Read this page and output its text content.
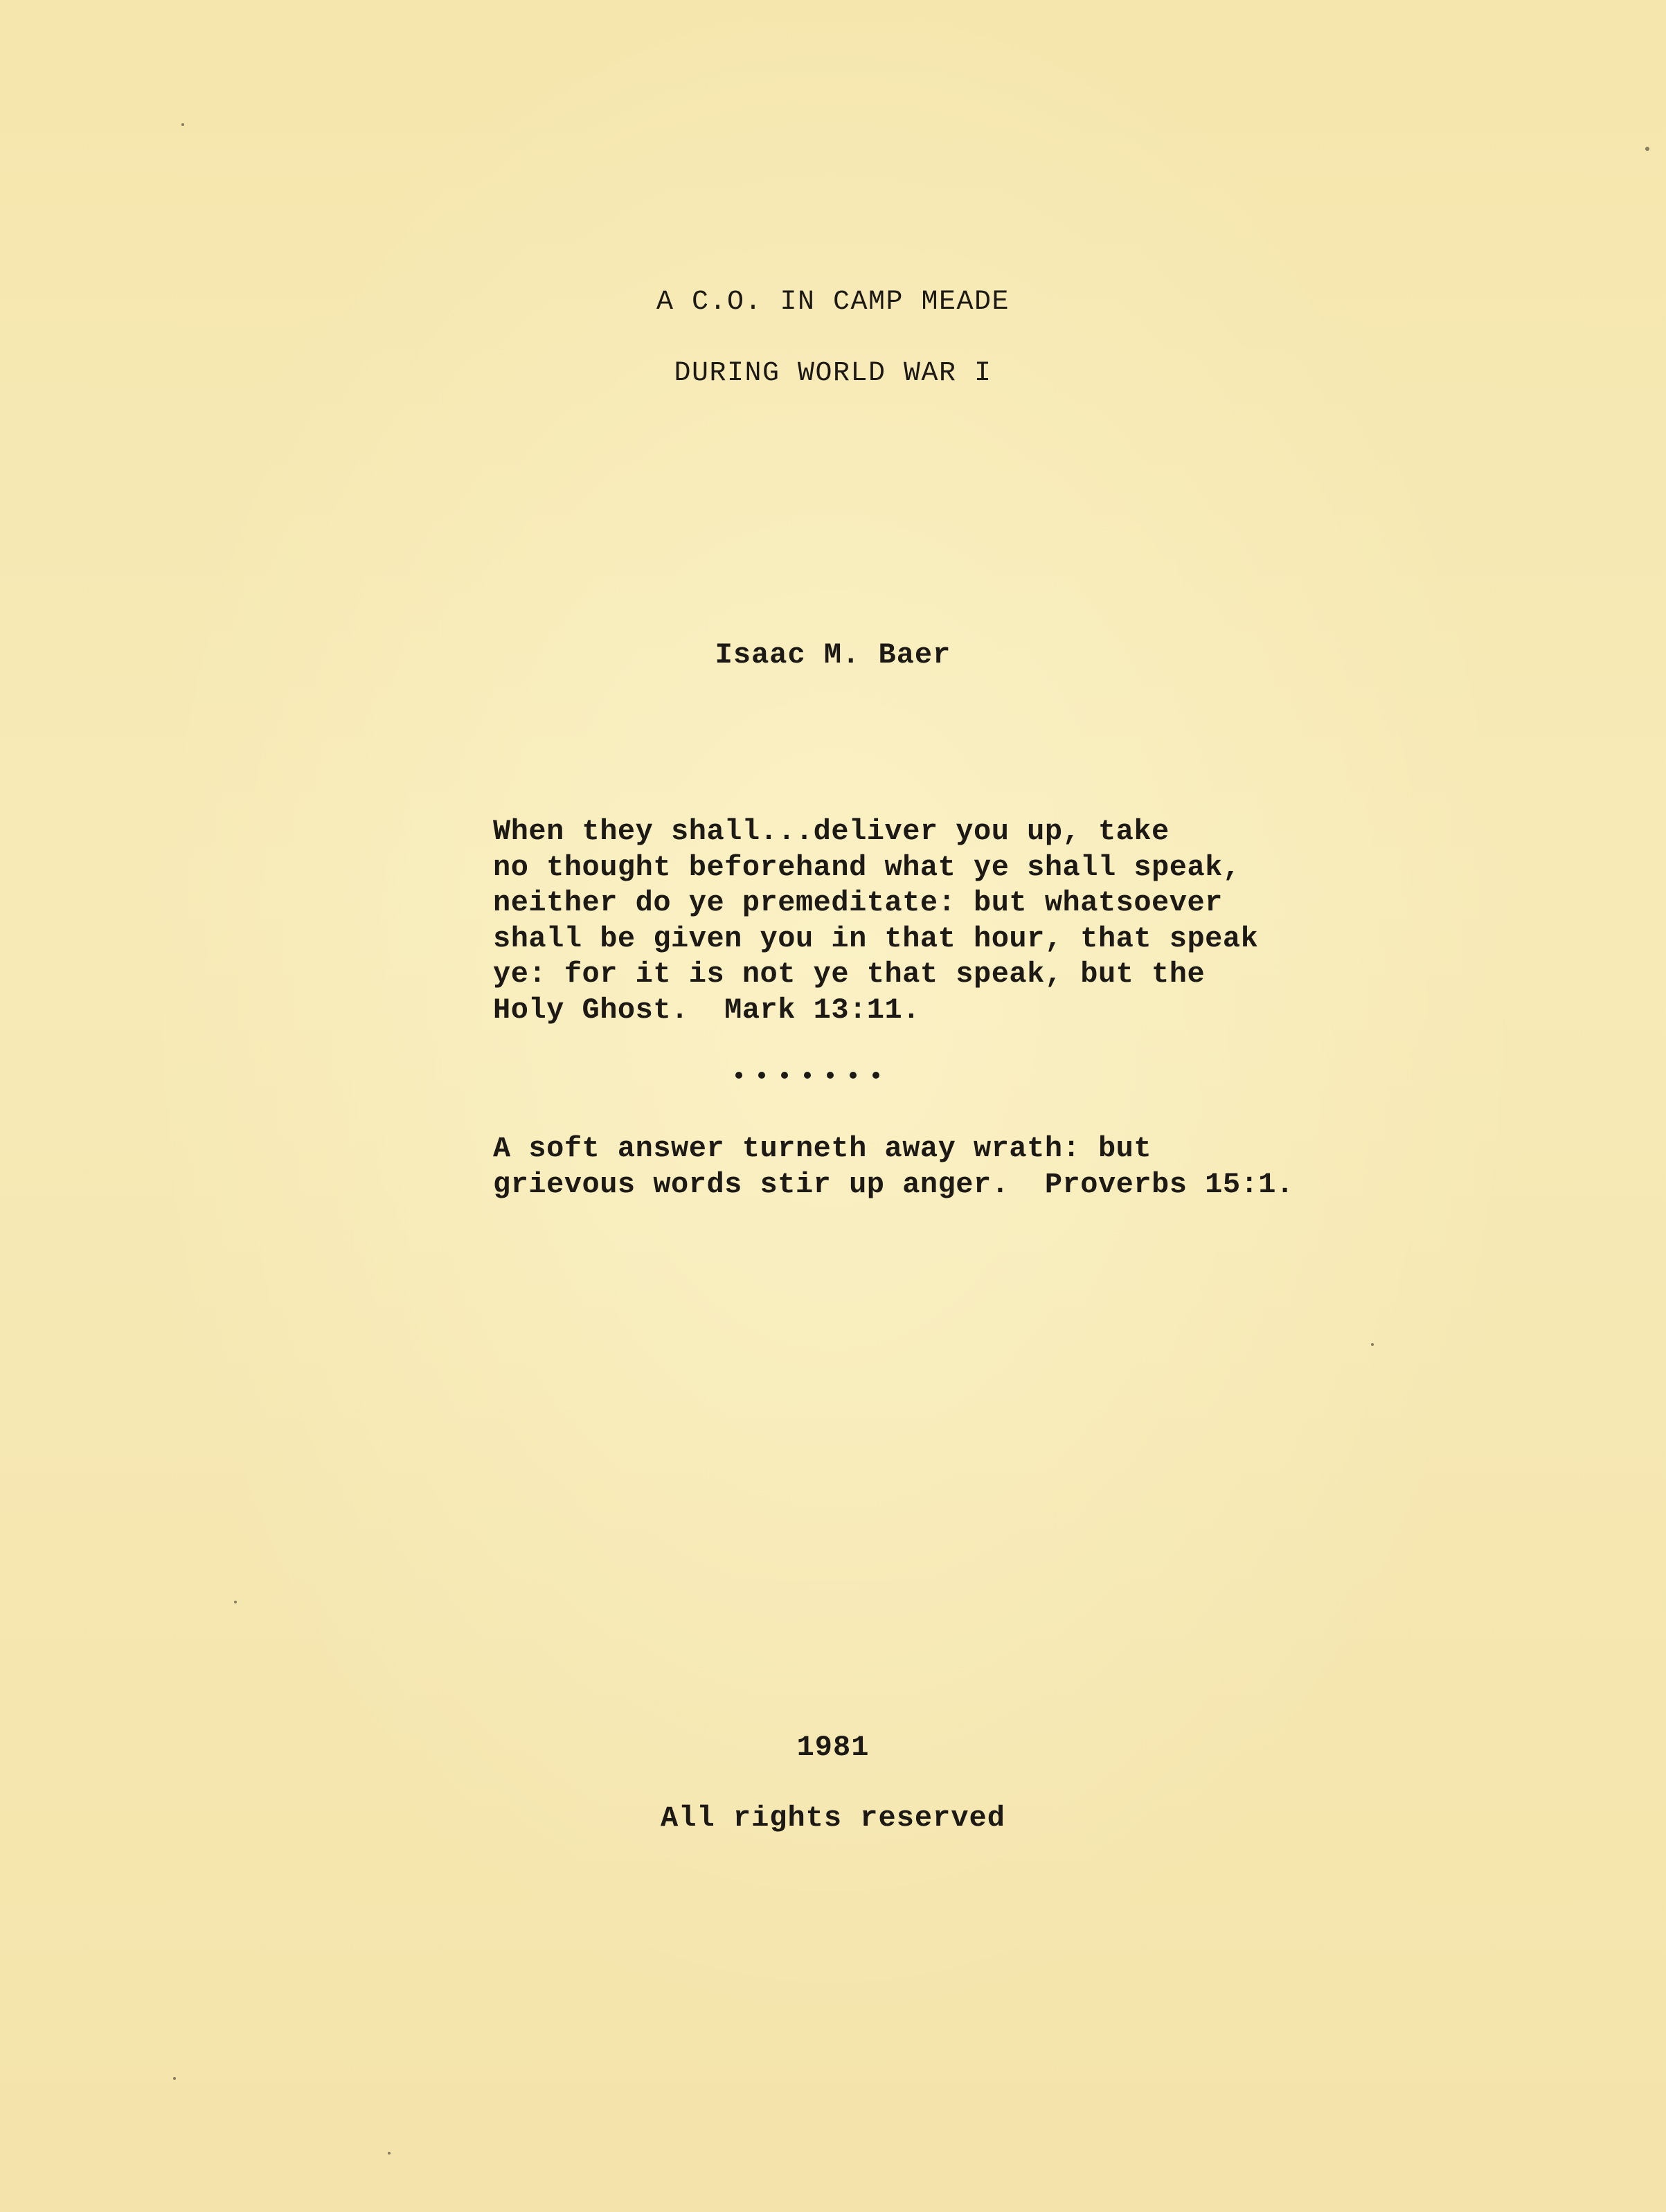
A C.O. IN CAMP MEADE
DURING WORLD WAR I
Isaac M. Baer
When they shall...deliver you up, take
no thought beforehand what ye shall speak,
neither do ye premeditate: but whatsoever
shall be given you in that hour, that speak
ye: for it is not ye that speak, but the
Holy Ghost.  Mark 13:11.
A soft answer turneth away wrath: but
grievous words stir up anger.  Proverbs 15:1.
1981
All rights reserved
